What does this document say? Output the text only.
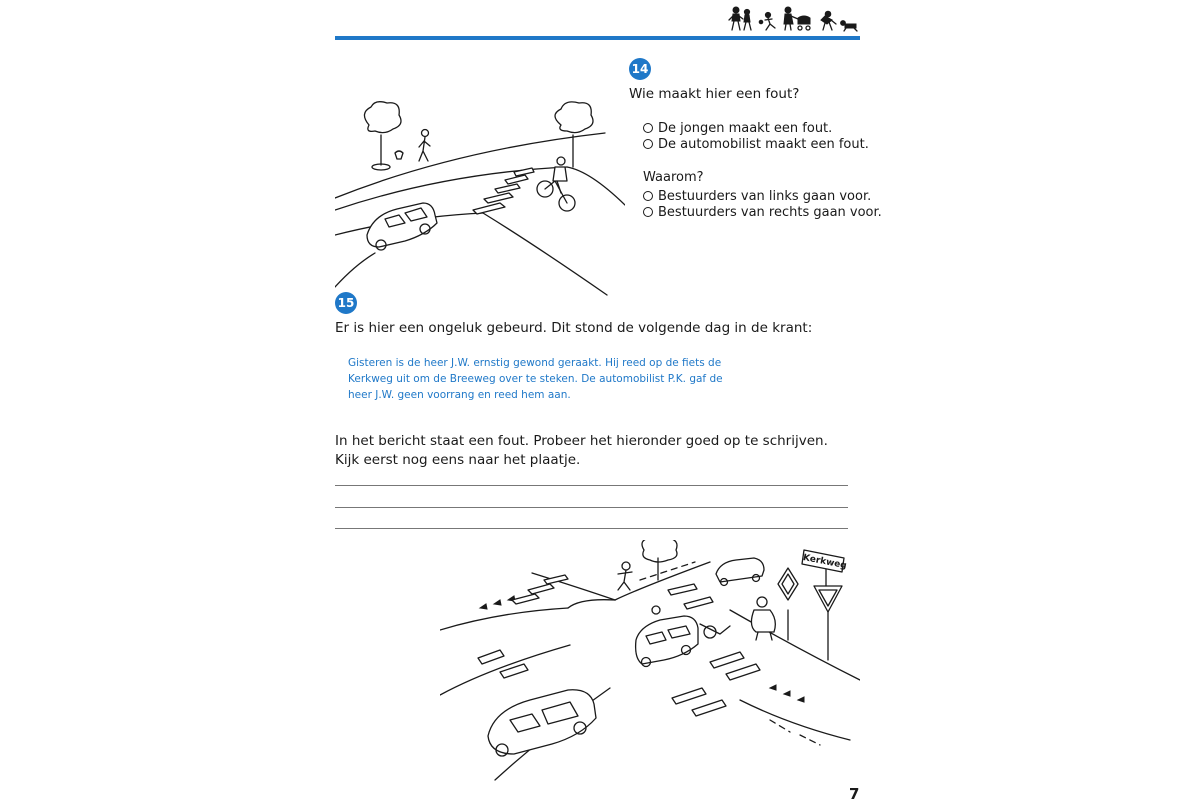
14
Wie maakt hier een fout?
De jongen maakt een fout.
De automobilist maakt een fout.
Waarom?
Bestuurders van links gaan voor.
Bestuurders van rechts gaan voor.
15
Er is hier een ongeluk gebeurd. Dit stond de volgende dag in de krant:
Gisteren is de heer J.W. ernstig gewond geraakt. Hij reed op de fiets de
Kerkweg uit om de Breeweg over te steken. De automobilist P.K. gaf de
heer J.W. geen voorrang en reed hem aan.
In het bericht staat een fout. Probeer het hieronder goed op te schrijven.
Kijk eerst nog eens naar het plaatje.
Kerkweg
7
